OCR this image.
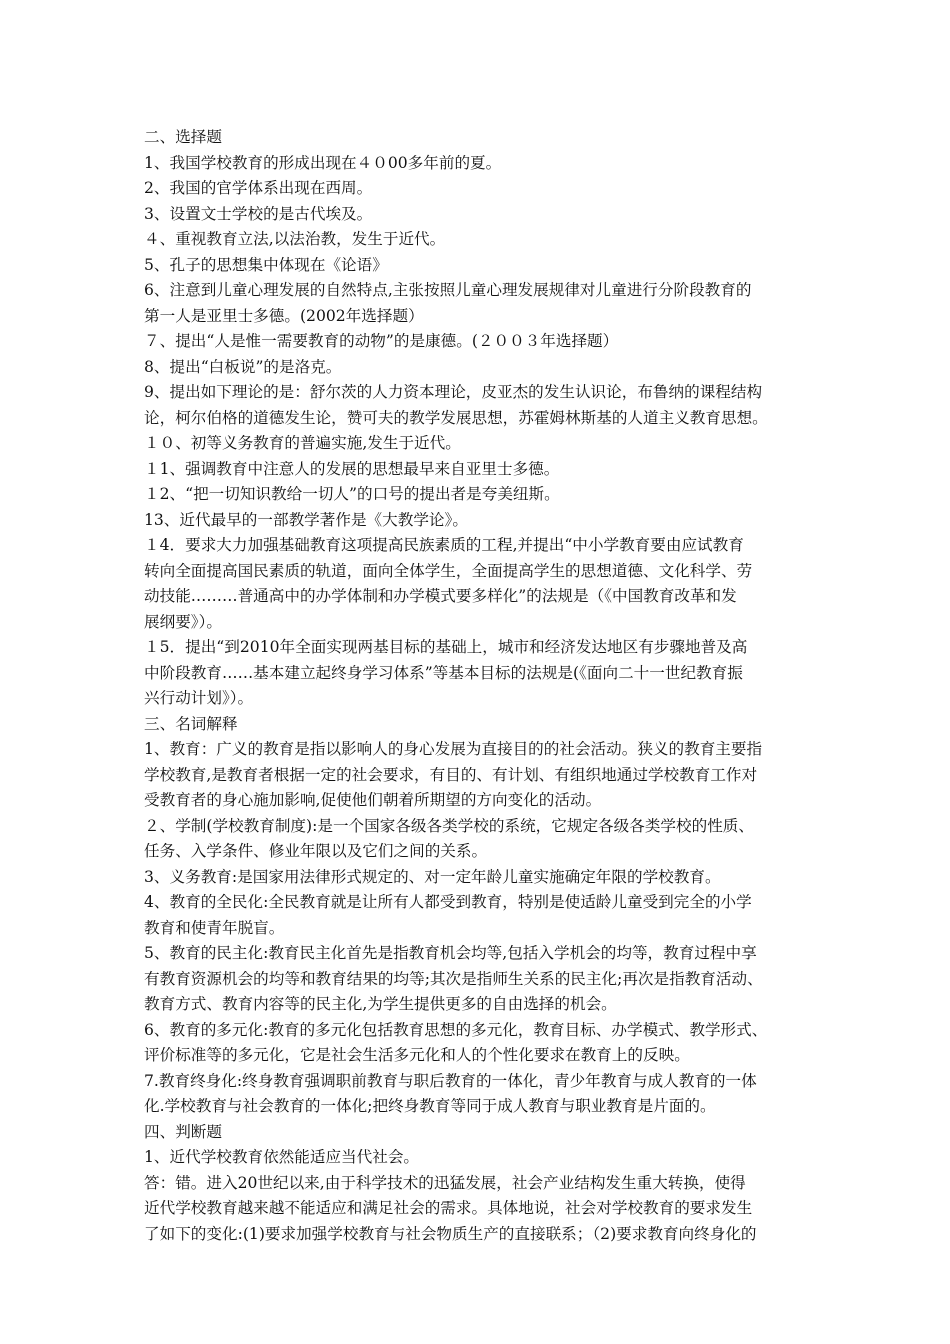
二、选择题

1、我国学校教育的形成出现在４０00多年前的夏。

2、我国的官学体系出现在西周。

3、设置文士学校的是古代埃及。

４、重视教育立法,以法治教，发生于近代。

5、孔子的思想集中体现在《论语》

6、注意到儿童心理发展的自然特点,主张按照儿童心理发展规律对儿童进行分阶段教育的

第一人是亚里士多德。(2002年选择题）

７、提出“人是惟一需要教育的动物”的是康德。(２００３年选择题）

8、提出“白板说”的是洛克。

9、提出如下理论的是：舒尔茨的人力资本理论，皮亚杰的发生认识论，布鲁纳的课程结构

论，柯尔伯格的道德发生论，赞可夫的教学发展思想，苏霍姆林斯基的人道主义教育思想。

１０、初等义务教育的普遍实施,发生于近代。

１1、强调教育中注意人的发展的思想最早来自亚里士多德。

１2、“把一切知识教给一切人”的口号的提出者是夸美纽斯。

13、近代最早的一部教学著作是《大教学论》。

１4．要求大力加强基础教育这项提高民族素质的工程,并提出“中小学教育要由应试教育

转向全面提高国民素质的轨道，面向全体学生，全面提高学生的思想道德、文化科学、劳

动技能………普通高中的办学体制和办学模式要多样化”的法规是（《中国教育改革和发

展纲要》）。

１5．提出“到2010年全面实现两基目标的基础上，城市和经济发达地区有步骤地普及高

中阶段教育……基本建立起终身学习体系”等基本目标的法规是(《面向二十一世纪教育振

兴行动计划》）。

三、名词解释

1、教育：广义的教育是指以影响人的身心发展为直接目的的社会活动。狭义的教育主要指

学校教育,是教育者根据一定的社会要求，有目的、有计划、有组织地通过学校教育工作对

受教育者的身心施加影响,促使他们朝着所期望的方向变化的活动。

２、学制(学校教育制度):是一个国家各级各类学校的系统，它规定各级各类学校的性质、

任务、入学条件、修业年限以及它们之间的关系。

3、义务教育:是国家用法律形式规定的、对一定年龄儿童实施确定年限的学校教育。

4、教育的全民化:全民教育就是让所有人都受到教育，特别是使适龄儿童受到完全的小学

教育和使青年脱盲。

5、教育的民主化:教育民主化首先是指教育机会均等,包括入学机会的均等，教育过程中享

有教育资源机会的均等和教育结果的均等;其次是指师生关系的民主化;再次是指教育活动、

教育方式、教育内容等的民主化,为学生提供更多的自由选择的机会。

6、教育的多元化:教育的多元化包括教育思想的多元化，教育目标、办学模式、教学形式、

评价标准等的多元化，它是社会生活多元化和人的个性化要求在教育上的反映。

7.教育终身化:终身教育强调职前教育与职后教育的一体化，青少年教育与成人教育的一体

化.学校教育与社会教育的一体化;把终身教育等同于成人教育与职业教育是片面的。

四、判断题

1、近代学校教育依然能适应当代社会。

答：错。进入20世纪以来,由于科学技术的迅猛发展，社会产业结构发生重大转换，使得

近代学校教育越来越不能适应和满足社会的需求。具体地说，社会对学校教育的要求发生

了如下的变化:(1)要求加强学校教育与社会物质生产的直接联系；（2)要求教育向终身化的
